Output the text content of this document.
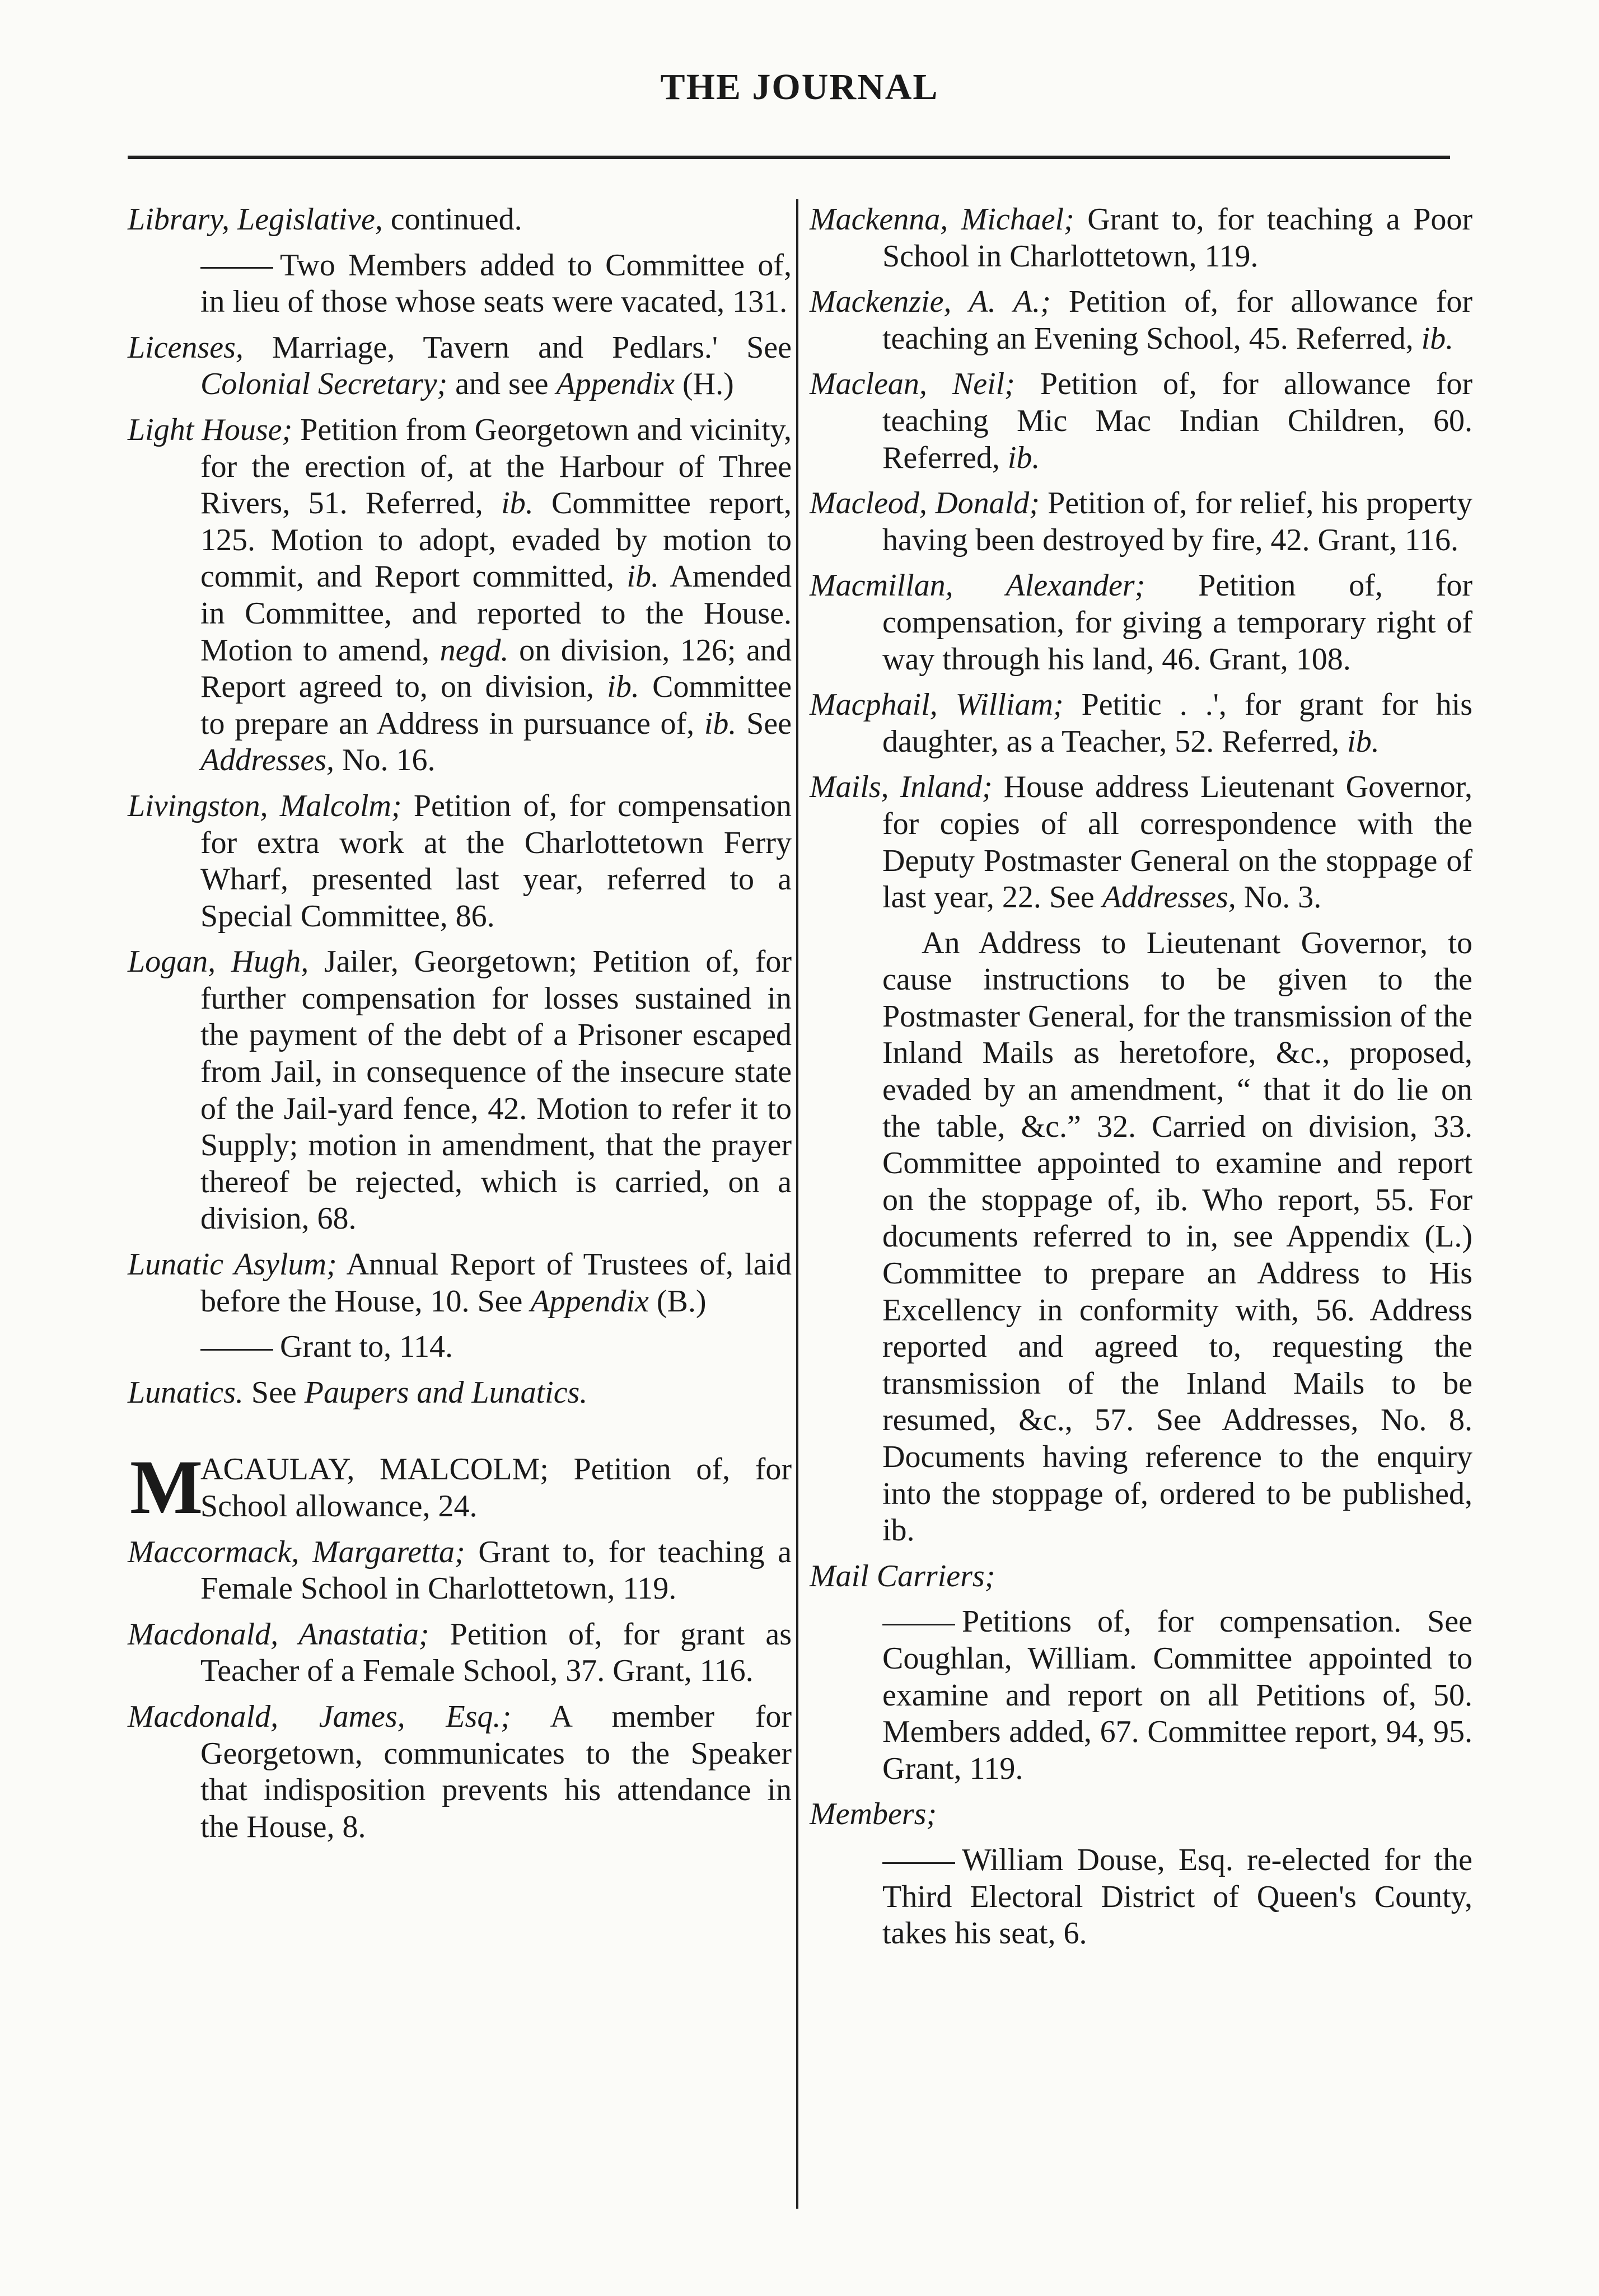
THE JOURNAL
Library, Legislative, continued.
Two Members added to Committee of, in lieu of those whose seats were vacated, 131.
Licenses, Marriage, Tavern and Pedlars.' See Colonial Secretary; and see Appendix (H.)
Light House; Petition from Georgetown and vicinity, for the erection of, at the Harbour of Three Rivers, 51. Referred, ib. Committee report, 125. Motion to adopt, evaded by motion to commit, and Report committed, ib. Amended in Committee, and reported to the House. Motion to amend, negd. on division, 126; and Report agreed to, on division, ib. Committee to prepare an Address in pursuance of, ib. See Addresses, No. 16.
Livingston, Malcolm; Petition of, for compensation for extra work at the Charlottetown Ferry Wharf, presented last year, referred to a Special Committee, 86.
Logan, Hugh, Jailer, Georgetown; Petition of, for further compensation for losses sustained in the payment of the debt of a Prisoner escaped from Jail, in consequence of the insecure state of the Jail-yard fence, 42. Motion to refer it to Supply; motion in amendment, that the prayer thereof be rejected, which is carried, on a division, 68.
Lunatic Asylum; Annual Report of Trustees of, laid before the House, 10. See Appendix (B.)
Grant to, 114.
Lunatics. See Paupers and Lunatics.
M
ACAULAY, MALCOLM; Petition of, for School allowance, 24.
Maccormack, Margaretta; Grant to, for teaching a Female School in Charlottetown, 119.
Macdonald, Anastatia; Petition of, for grant as Teacher of a Female School, 37. Grant, 116.
Macdonald, James, Esq.; A member for Georgetown, communicates to the Speaker that indisposition prevents his attendance in the House, 8.
Mackenna, Michael; Grant to, for teaching a Poor School in Charlottetown, 119.
Mackenzie, A. A.; Petition of, for allowance for teaching an Evening School, 45. Referred, ib.
Maclean, Neil; Petition of, for allowance for teaching Mic Mac Indian Children, 60. Referred, ib.
Macleod, Donald; Petition of, for relief, his property having been destroyed by fire, 42. Grant, 116.
Macmillan, Alexander; Petition of, for compensation, for giving a temporary right of way through his land, 46. Grant, 108.
Macphail, William; Petitic . .', for grant for his daughter, as a Teacher, 52. Referred, ib.
Mails, Inland; House address Lieutenant Governor, for copies of all correspondence with the Deputy Postmaster General on the stoppage of last year, 22. See Addresses, No. 3.
An Address to Lieutenant Governor, to cause instructions to be given to the Postmaster General, for the transmission of the Inland Mails as heretofore, &c., proposed, evaded by an amendment, “ that it do lie on the table, &c.” 32. Carried on division, 33. Committee appointed to examine and report on the stoppage of, ib. Who report, 55. For documents referred to in, see Appendix (L.) Committee to prepare an Address to His Excellency in conformity with, 56. Address reported and agreed to, requesting the transmission of the Inland Mails to be resumed, &c., 57. See Addresses, No. 8. Documents having reference to the enquiry into the stoppage of, ordered to be published, ib.
Mail Carriers;
Petitions of, for compensation. See Coughlan, William. Committee appointed to examine and report on all Petitions of, 50. Members added, 67. Committee report, 94, 95. Grant, 119.
Members;
William Douse, Esq. re-elected for the Third Electoral District of Queen's County, takes his seat, 6.
